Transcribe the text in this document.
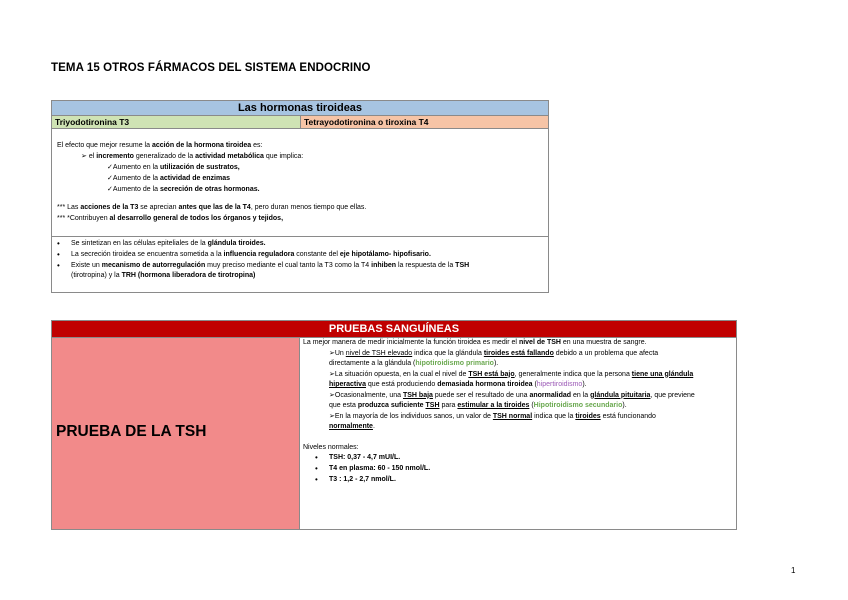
TEMA 15 OTROS FÁRMACOS DEL SISTEMA ENDOCRINO
Las hormonas tiroideas
Triyodotironina T3	Tetrayodotironina o tiroxina T4
El efecto que mejor resume la acción de la hormona tiroidea es:
➢ el incremento generalizado de la actividad metabólica que implica:
✓Aumento en la utilización de sustratos,
✓Aumento de la actividad de enzimas
✓Aumento de la secreción de otras hormonas.
*** Las acciones de la T3 se aprecian antes que las de la T4, pero duran menos tiempo que ellas.
*** *Contribuyen al desarrollo general de todos los órganos y tejidos,
•	Se sintetizan en las células epiteliales de la glándula tiroides.
•	La secreción tiroidea se encuentra sometida a la influencia reguladora constante del eje hipotálamo- hipofisario.
•	Existe un mecanismo de autorregulación muy preciso mediante el cual tanto la T3 como la T4 inhiben la respuesta de la TSH
(tirotropina) y la TRH (hormona liberadora de tirotropina)
PRUEBAS SANGUÍNEAS
PRUEBA DE LA TSH
La mejor manera de medir inicialmente la función tiroidea es medir el nivel de TSH en una muestra de sangre.
➢Un nivel de TSH elevado indica que la glándula tiroides está fallando debido a un problema que afecta
directamente a la glándula (hipotiroidismo primario).
➢La situación opuesta, en la cual el nivel de TSH está bajo, generalmente indica que la persona tiene una glándula
hiperactiva que está produciendo demasiada hormona tiroidea (hipertiroidismo).
➢Ocasionalmente, una TSH baja puede ser el resultado de una anormalidad en la glándula pituitaria, que previene
que esta produzca suficiente TSH para estimular a la tiroides (Hipotiroidismo secundario).
➢En la mayoría de los individuos sanos, un valor de TSH normal indica que la tiroides está funcionando
normalmente.
Niveles normales:
•	TSH: 0,37 - 4,7 mUI/L.
•	T4 en plasma: 60 - 150 nmol/L.
•	T3 : 1,2 - 2,7 nmol/L.
1
